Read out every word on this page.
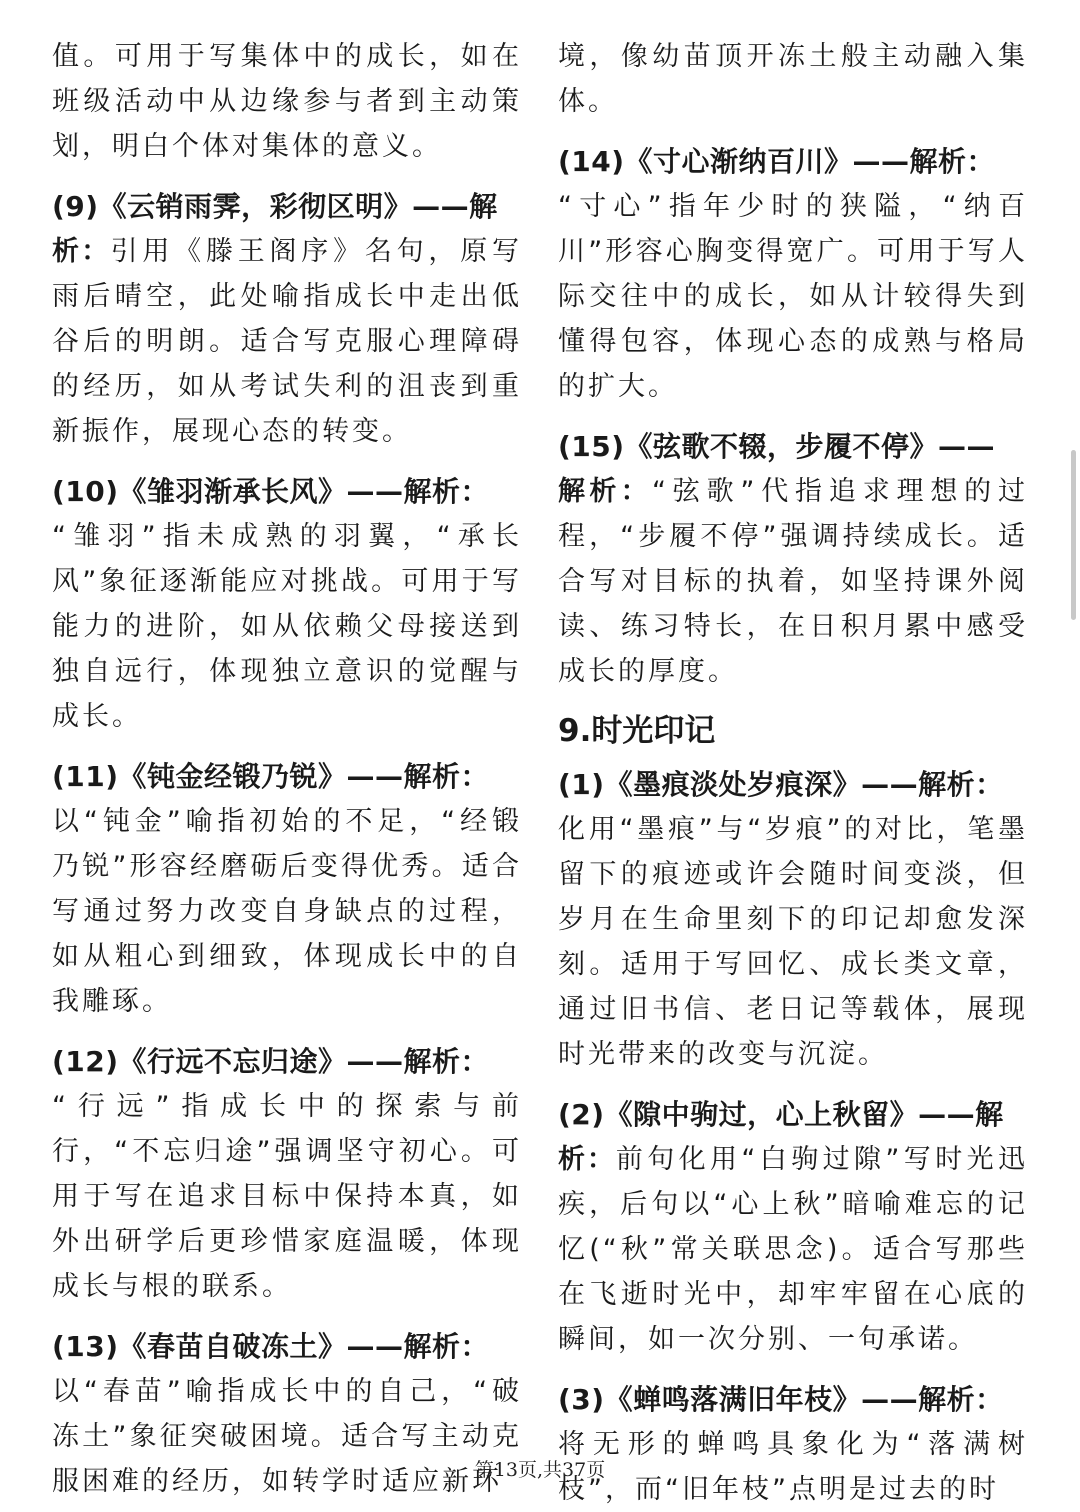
值。可用于写集体中的成长，如在班级活动中从边缘参与者到主动策划，明白个体对集体的意义。

(9)《云销雨霁，彩彻区明》——解

析：引用《滕王阁序》名句，原写雨后晴空，此处喻指成长中走出低谷后的明朗。适合写克服心理障碍的经历，如从考试失利的沮丧到重新振作，展现心态的转变。

(10)《雏羽渐承长风》——解析：

“雏羽”指未成熟的羽翼，“承长风”象征逐渐能应对挑战。可用于写能力的进阶，如从依赖父母接送到独自远行，体现独立意识的觉醒与成长。

(11)《钝金经锻乃锐》——解析：

以“钝金”喻指初始的不足，“经锻乃锐”形容经磨砺后变得优秀。适合写通过努力改变自身缺点的过程，如从粗心到细致，体现成长中的自我雕琢。

(12)《行远不忘归途》——解析：

“行远”指成长中的探索与前行，“不忘归途”强调坚守初心。可用于写在追求目标中保持本真，如外出研学后更珍惜家庭温暖，体现成长与根的联系。

(13)《春苗自破冻土》——解析：

以“春苗”喻指成长中的自己，“破冻土”象征突破困境。适合写主动克服困难的经历，如转学时适应新环

境，像幼苗顶开冻土般主动融入集体。

(14)《寸心渐纳百川》——解析：

“寸心”指年少时的狭隘，“纳百川”形容心胸变得宽广。可用于写人际交往中的成长，如从计较得失到懂得包容，体现心态的成熟与格局的扩大。

(15)《弦歌不辍，步履不停》——

解析：“弦歌”代指追求理想的过程，“步履不停”强调持续成长。适合写对目标的执着，如坚持课外阅读、练习特长，在日积月累中感受成长的厚度。

9.时光印记

(1)《墨痕淡处岁痕深》——解析：

化用“墨痕”与“岁痕”的对比，笔墨留下的痕迹或许会随时间变淡，但岁月在生命里刻下的印记却愈发深刻。适用于写回忆、成长类文章，通过旧书信、老日记等载体，展现时光带来的改变与沉淀。

(2)《隙中驹过，心上秋留》——解

析：前句化用“白驹过隙”写时光迅疾，后句以“心上秋”暗喻难忘的记忆(“秋”常关联思念)。适合写那些在飞逝时光中，却牢牢留在心底的瞬间，如一次分别、一句承诺。

(3)《蝉鸣落满旧年枝》——解析：

将无形的蝉鸣具象化为“落满树枝”，而“旧年枝”点明是过去的时

第13页,共37页
